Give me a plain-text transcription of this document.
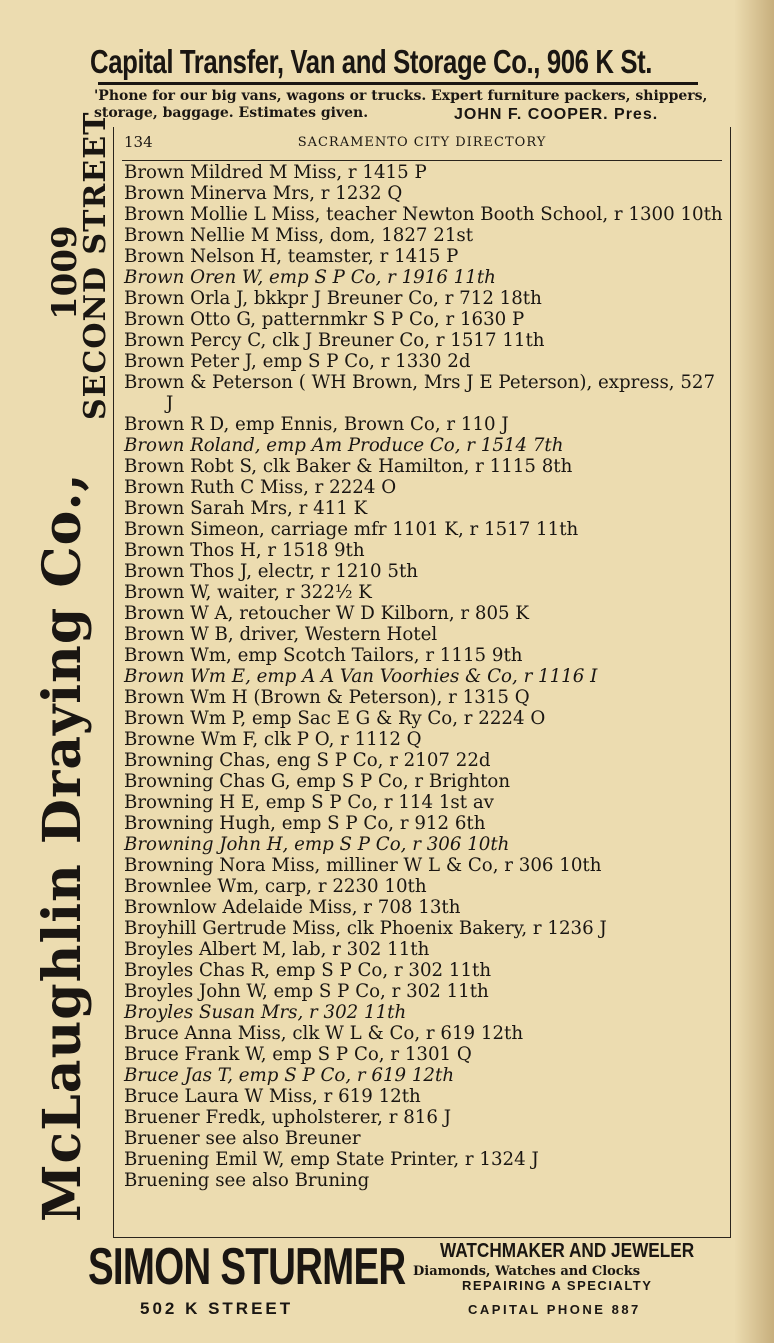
Capital Transfer, Van and Storage Co., 906 K St.
'Phone for our big vans, wagons or trucks. Expert furniture packers, shippers,
storage, baggage. Estimates given.	JOHN F. COOPER. Pres.
McLaughlin Draying Co.,
1009
SECOND STREET 134	SACRAMENTO CITY DIRECTORY
Brown Mildred M Miss, r 1415 P
Brown Minerva Mrs, r 1232 Q
Brown Mollie L Miss, teacher Newton Booth School, r 1300 10th
Brown Nellie M Miss, dom, 1827 21st
Brown Nelson H, teamster, r 1415 P
Brown Oren W, emp S P Co, r 1916 11th
Brown Orla J, bkkpr J Breuner Co, r 712 18th
Brown Otto G, patternmkr S P Co, r 1630 P
Brown Percy C, clk J Breuner Co, r 1517 11th
Brown Peter J, emp S P Co, r 1330 2d
Brown & Peterson ( WH Brown, Mrs J E Peterson), express, 527 J
Brown R D, emp Ennis, Brown Co, r 110 J
Brown Roland, emp Am Produce Co, r 1514 7th
Brown Robt S, clk Baker & Hamilton, r 1115 8th
Brown Ruth C Miss, r 2224 O
Brown Sarah Mrs, r 411 K
Brown Simeon, carriage mfr 1101 K, r 1517 11th
Brown Thos H, r 1518 9th
Brown Thos J, electr, r 1210 5th
Brown W, waiter, r 322½ K
Brown W A, retoucher W D Kilborn, r 805 K
Brown W B, driver, Western Hotel
Brown Wm, emp Scotch Tailors, r 1115 9th
Brown Wm E, emp A A Van Voorhies & Co, r 1116 I
Brown Wm H (Brown & Peterson), r 1315 Q
Brown Wm P, emp Sac E G & Ry Co, r 2224 O
Browne Wm F, clk P O, r 1112 Q
Browning Chas, eng S P Co, r 2107 22d
Browning Chas G, emp S P Co, r Brighton
Browning H E, emp S P Co, r 114 1st av
Browning Hugh, emp S P Co, r 912 6th
Browning John H, emp S P Co, r 306 10th
Browning Nora Miss, milliner W L & Co, r 306 10th
Brownlee Wm, carp, r 2230 10th
Brownlow Adelaide Miss, r 708 13th
Broyhill Gertrude Miss, clk Phoenix Bakery, r 1236 J
Broyles Albert M, lab, r 302 11th
Broyles Chas R, emp S P Co, r 302 11th
Broyles John W, emp S P Co, r 302 11th
Broyles Susan Mrs, r 302 11th
Bruce Anna Miss, clk W L & Co, r 619 12th
Bruce Frank W, emp S P Co, r 1301 Q
Bruce Jas T, emp S P Co, r 619 12th
Bruce Laura W Miss, r 619 12th
Bruener Fredk, upholsterer, r 816 J
Bruener see also Breuner
Bruening Emil W, emp State Printer, r 1324 J
Bruening see also Bruning
SIMON STURMER WATCHMAKER AND JEWELER
Diamonds, Watches and Clocks
REPAIRING A SPECIALTY
502 K STREET	CAPITAL PHONE 887
